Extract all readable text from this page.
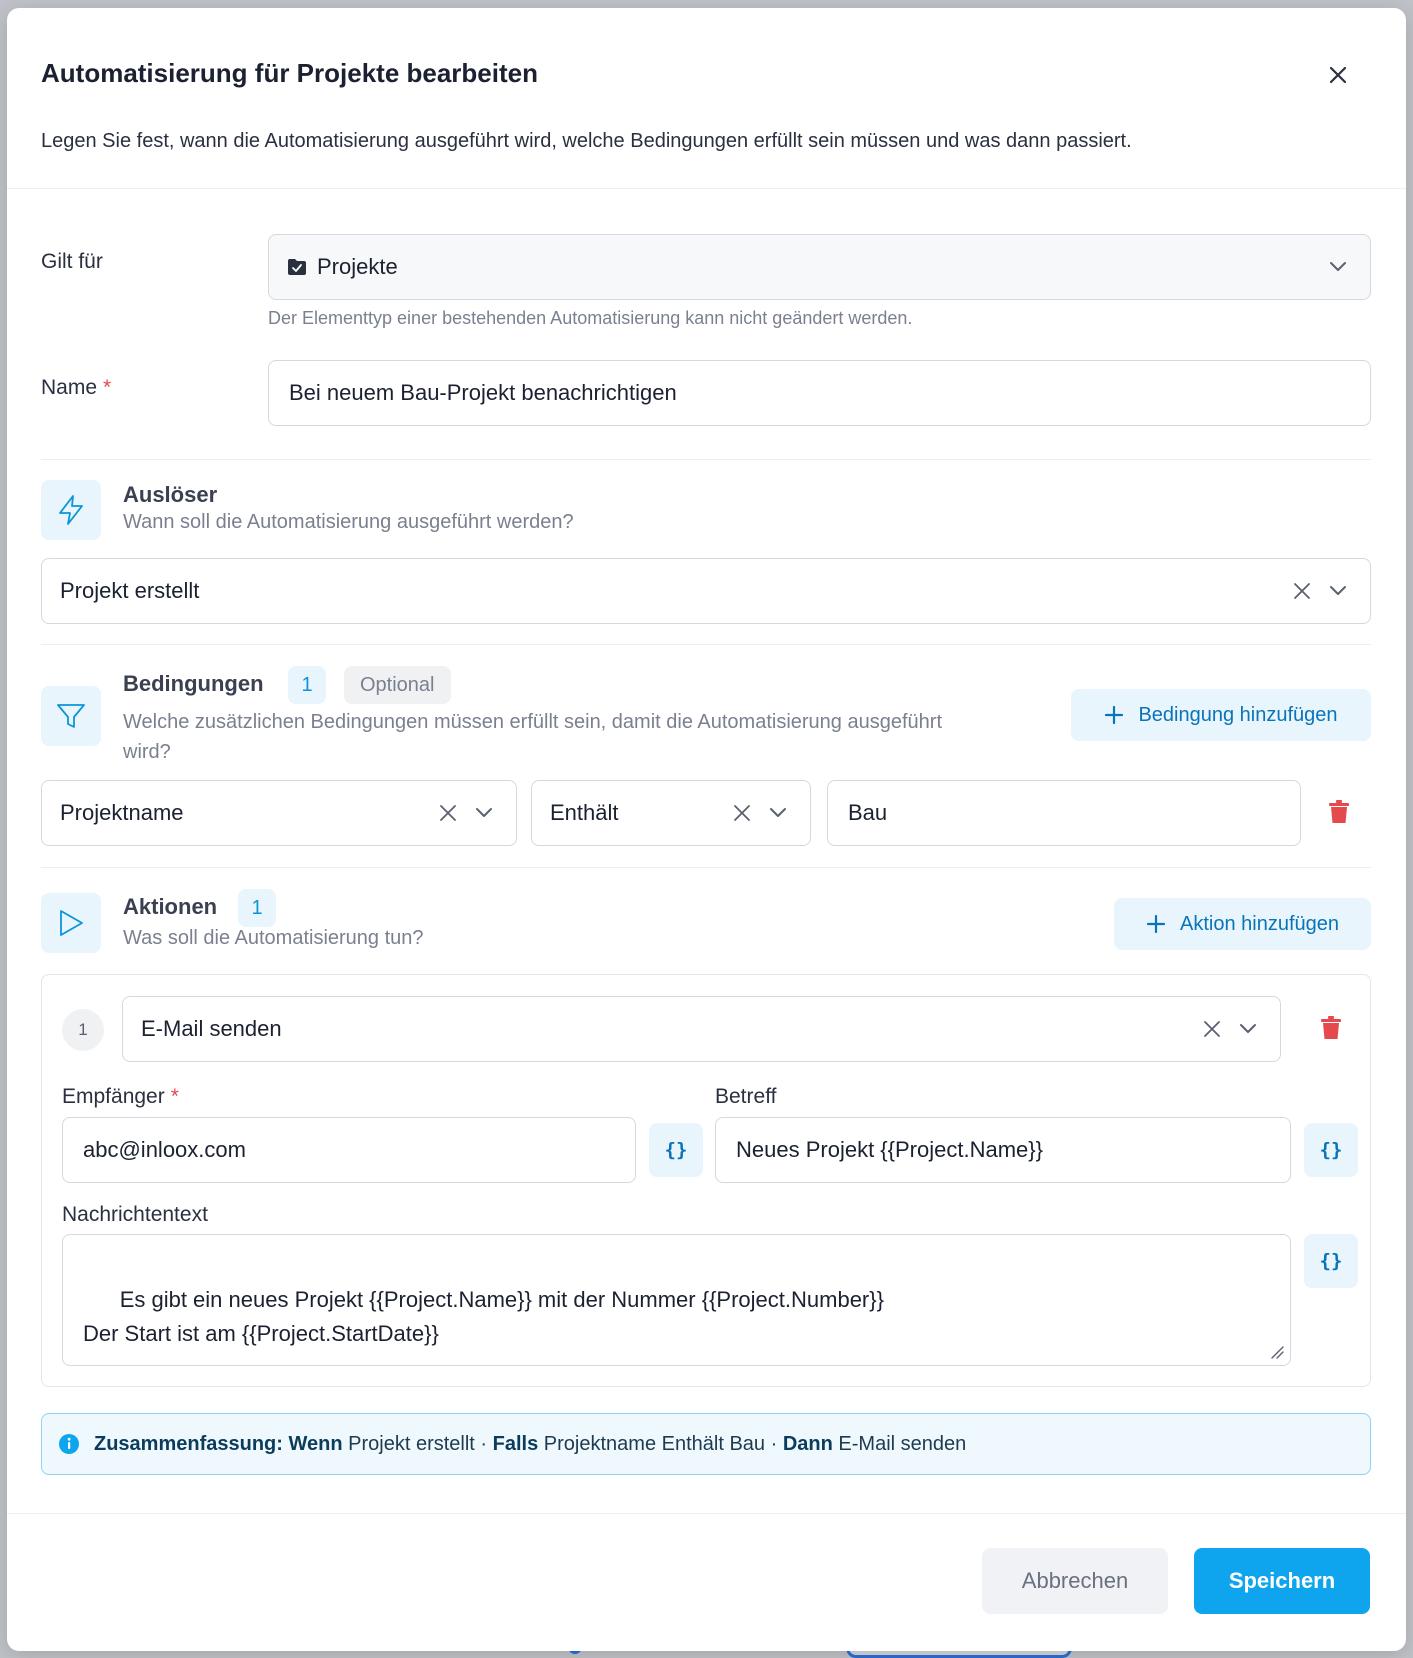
Automatisierung für Projekte bearbeiten
Legen Sie fest, wann die Automatisierung ausgeführt wird, welche Bedingungen erfüllt sein müssen und was dann passiert.
Gilt für	Projekte
Der Elementtyp einer bestehenden Automatisierung kann nicht geändert werden.
Name *	Bei neuem Bau-Projekt benachrichtigen
Auslöser
Wann soll die Automatisierung ausgeführt werden?
Projekt erstellt
Bedingungen	1	Optional
Welche zusätzlichen Bedingungen müssen erfüllt sein, damit die Automatisierung ausgeführt wird?
Bedingung hinzufügen
Projektname	Enthält	Bau
Aktionen	1
Was soll die Automatisierung tun?
Aktion hinzufügen
1	E-Mail senden
Empfänger *
abc@inloox.com	{}
Betreff
Neues Projekt {{Project.Name}}	{}
Nachrichtentext

Es gibt ein neues Projekt {{Project.Name}} mit der Nummer {{Project.Number}}
Der Start ist am {{Project.StartDate}}

{}
Zusammenfassung: Wenn Projekt erstellt · Falls Projektname Enthält Bau · Dann E-Mail senden
Abbrechen	Speichern
